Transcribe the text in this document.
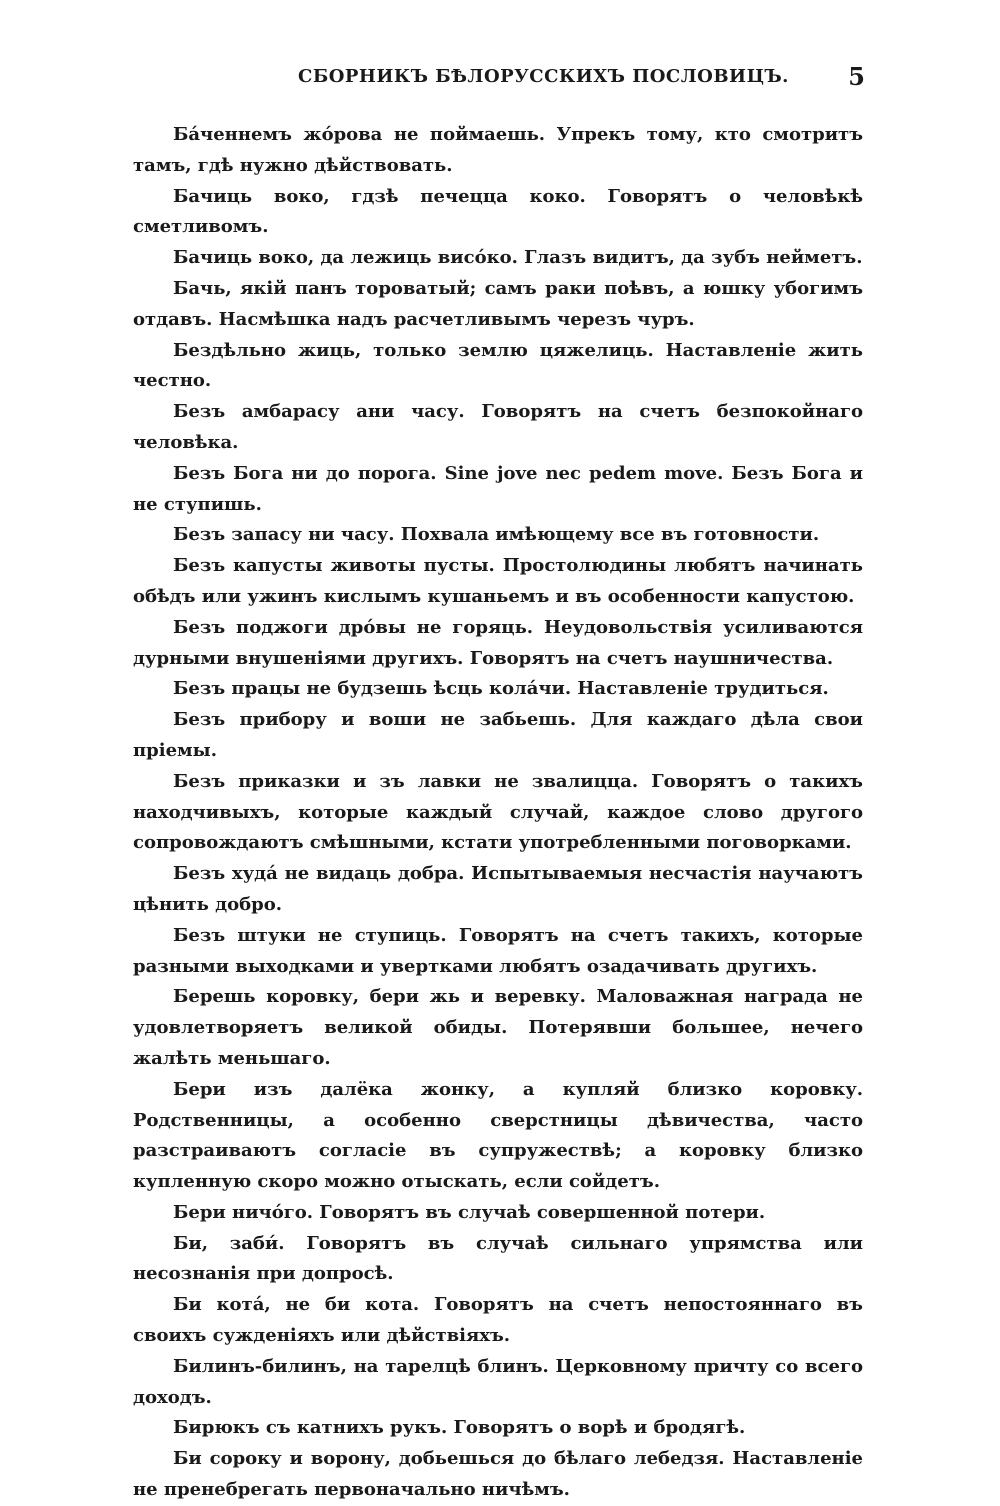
СБОРНИКЪ БѢЛОРУССКИХЪ ПОСЛОВИЦЪ. 5

Ба́ченнемъ жо́рова не поймаешь. Упрекъ тому, кто смотритъ тамъ, гдѣ нужно дѣйствовать.

Бачиць воко, гдзѣ печецца коко. Говорятъ о человѣкѣ сметливомъ.

Бачиць воко, да лежиць висо́ко. Глазъ видитъ, да зубъ нейметъ.

Бачь, якій панъ тороватый; самъ раки поѣвъ, а юшку убогимъ отдавъ. Насмѣшка надъ расчетливымъ черезъ чуръ.

Бездѣльно жиць, только землю цяжелиць. Наставленіе жить честно.

Безъ амбарасу ани часу. Говорятъ на счетъ безпокойнаго человѣка.

Безъ Бога ни до порога. Sine jove nec pedem move. Безъ Бога и не ступишь.

Безъ запасу ни часу. Похвала имѣющему все въ готовности.

Безъ капусты животы пусты. Простолюдины любятъ начинать обѣдъ или ужинъ кислымъ кушаньемъ и въ особенности капустою.

Безъ поджоги дро́вы не горяць. Неудовольствія усиливаются дурными внушеніями другихъ. Говорятъ на счетъ наушничества.

Безъ працы не будзешь ѣсць кола́чи. Наставленіе трудиться.

Безъ прибору и воши не забьешь. Для каждаго дѣла свои пріемы.

Безъ приказки и зъ лавки не звалицца. Говорятъ о такихъ находчивыхъ, которые каждый случай, каждое слово другого сопровождаютъ смѣшными, кстати употребленными поговорками.

Безъ худа́ не видаць добра. Испытываемыя несчастія научаютъ цѣнить добро.

Безъ штуки не ступиць. Говорятъ на счетъ такихъ, которые разными выходками и увертками любятъ озадачивать другихъ.

Берешь коровку, бери жь и веревку. Маловажная награда не удовлетворяетъ великой обиды. Потерявши большее, нечего жалѣть меньшаго.

Бери изъ далёка жонку, а купляй близко коровку. Родственницы, а особенно сверстницы дѣвичества, часто разстраиваютъ согласіе въ супружествѣ; а коровку близко купленную скоро можно отыскать, если сойдетъ.

Бери ничо́го. Говорятъ въ случаѣ совершенной потери.

Би, заби́. Говорятъ въ случаѣ сильнаго упрямства или несознанія при допросѣ.

Би кота́, не би кота. Говорятъ на счетъ непостояннаго въ своихъ сужденіяхъ или дѣйствіяхъ.

Билинъ-билинъ, на тарелцѣ блинъ. Церковному причту со всего доходъ.

Бирюкъ съ катнихъ рукъ. Говорятъ о ворѣ и бродягѣ.

Би сороку и ворону, добьешься до бѣлаго лебедзя. Наставленіе не пренебрегать первоначально ничѣмъ.
